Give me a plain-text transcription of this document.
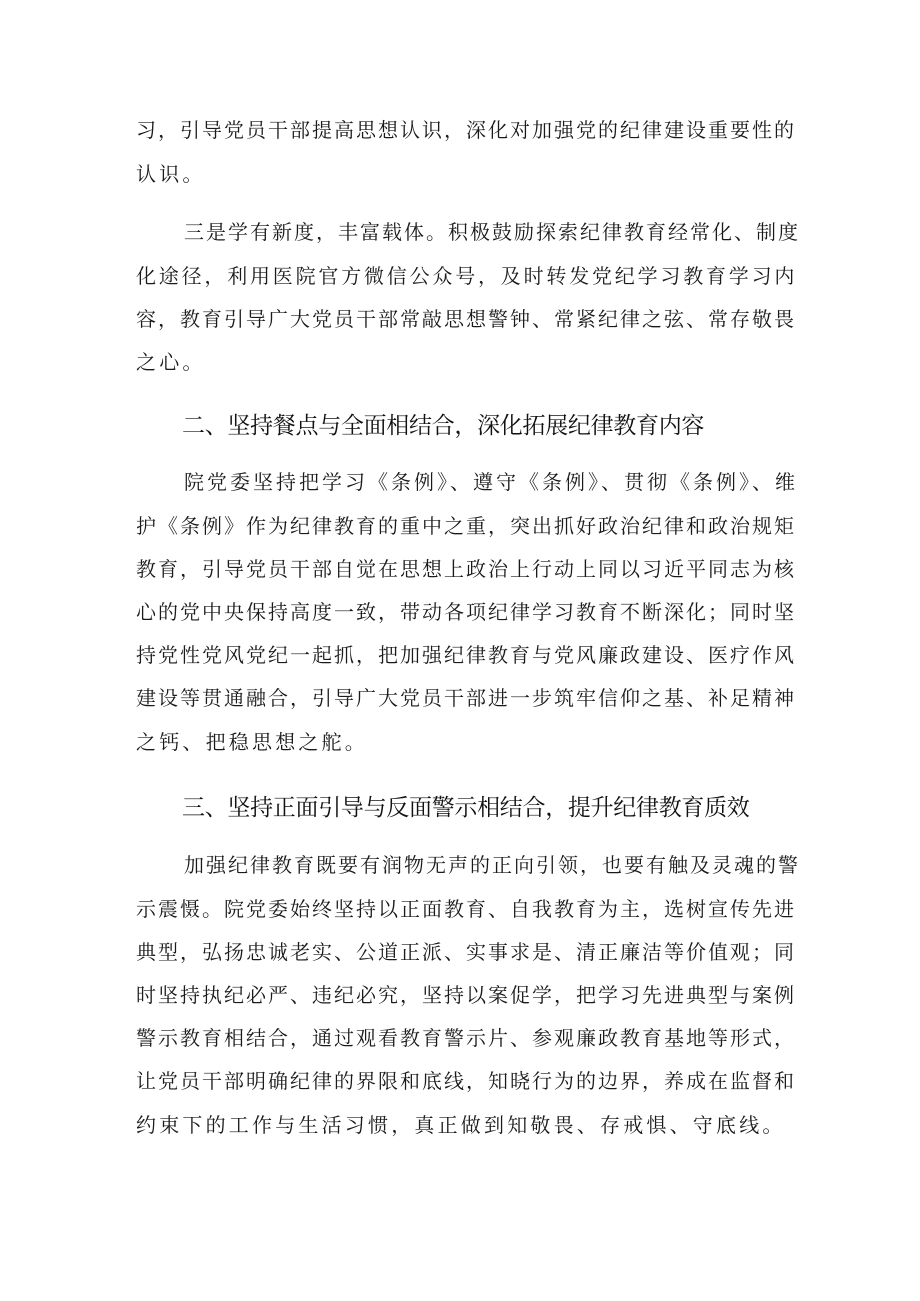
习，引导党员干部提高思想认识，深化对加强党的纪律建设重要性的
认识。
三是学有新度，丰富载体。积极鼓励探索纪律教育经常化、制度
化途径，利用医院官方微信公众号，及时转发党纪学习教育学习内
容，教育引导广大党员干部常敲思想警钟、常紧纪律之弦、常存敬畏
之心。
二、坚持餐点与全面相结合，深化拓展纪律教育内容
院党委坚持把学习《条例》、遵守《条例》、贯彻《条例》、维
护《条例》作为纪律教育的重中之重，突出抓好政治纪律和政治规矩
教育，引导党员干部自觉在思想上政治上行动上同以习近平同志为核
心的党中央保持高度一致，带动各项纪律学习教育不断深化；同时坚
持党性党风党纪一起抓，把加强纪律教育与党风廉政建设、医疗作风
建设等贯通融合，引导广大党员干部进一步筑牢信仰之基、补足精神
之钙、把稳思想之舵。
三、坚持正面引导与反面警示相结合，提升纪律教育质效
加强纪律教育既要有润物无声的正向引领，也要有触及灵魂的警
示震慑。院党委始终坚持以正面教育、自我教育为主，选树宣传先进
典型，弘扬忠诚老实、公道正派、实事求是、清正廉洁等价值观；同
时坚持执纪必严、违纪必究，坚持以案促学，把学习先进典型与案例
警示教育相结合，通过观看教育警示片、参观廉政教育基地等形式，
让党员干部明确纪律的界限和底线，知晓行为的边界，养成在监督和
约束下的工作与生活习惯，真正做到知敬畏、存戒惧、守底线。
